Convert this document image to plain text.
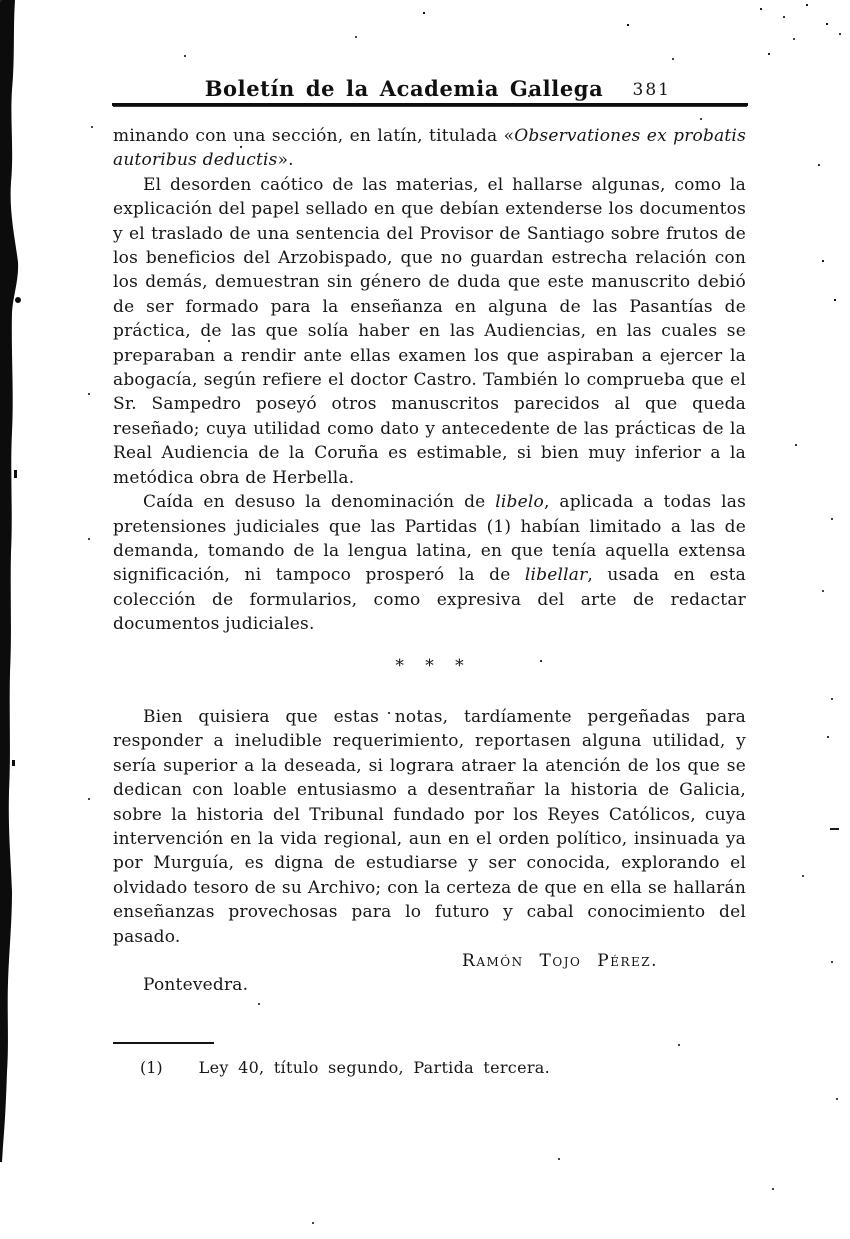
Boletín de la Academia Gallega	381

minando con una sección, en latín, titulada «Observationes ex probatis autoribus deductis».

El desorden caótico de las materias, el hallarse algunas, como la explicación del papel sellado en que debían extenderse los documentos y el traslado de una sentencia del Provisor de Santiago sobre frutos de los beneficios del Arzobispado, que no guardan estrecha relación con los demás, demuestran sin género de duda que este manuscrito debió de ser formado para la enseñanza en alguna de las Pasantías de práctica, de las que solía haber en las Audiencias, en las cuales se preparaban a rendir ante ellas examen los que aspiraban a ejercer la abogacía, según refiere el doctor Castro. También lo comprueba que el Sr. Sampedro poseyó otros manuscritos parecidos al que queda reseñado; cuya utilidad como dato y antecedente de las prácticas de la Real Audiencia de la Coruña es estimable, si bien muy inferior a la metódica obra de Herbella.

Caída en desuso la denominación de libelo, aplicada a todas las pretensiones judiciales que las Partidas (1) habían limitado a las de demanda, tomando de la lengua latina, en que tenía aquella extensa significación, ni tampoco prosperó la de libellar, usada en esta colección de formularios, como expresiva del arte de redactar documentos judiciales.

* * *

Bien quisiera que estas notas, tardíamente pergeñadas para responder a ineludible requerimiento, reportasen alguna utilidad, y sería superior a la deseada, si lograra atraer la atención de los que se dedican con loable entusiasmo a desentrañar la historia de Galicia, sobre la historia del Tribunal fundado por los Reyes Católicos, cuya intervención en la vida regional, aun en el orden político, insinuada ya por Murguía, es digna de estudiarse y ser conocida, explorando el olvidado tesoro de su Archivo; con la certeza de que en ella se hallarán enseñanzas provechosas para lo futuro y cabal conocimiento del pasado.

Ramón Tojo Pérez.

Pontevedra.

(1) Ley 40, título segundo, Partida tercera.
